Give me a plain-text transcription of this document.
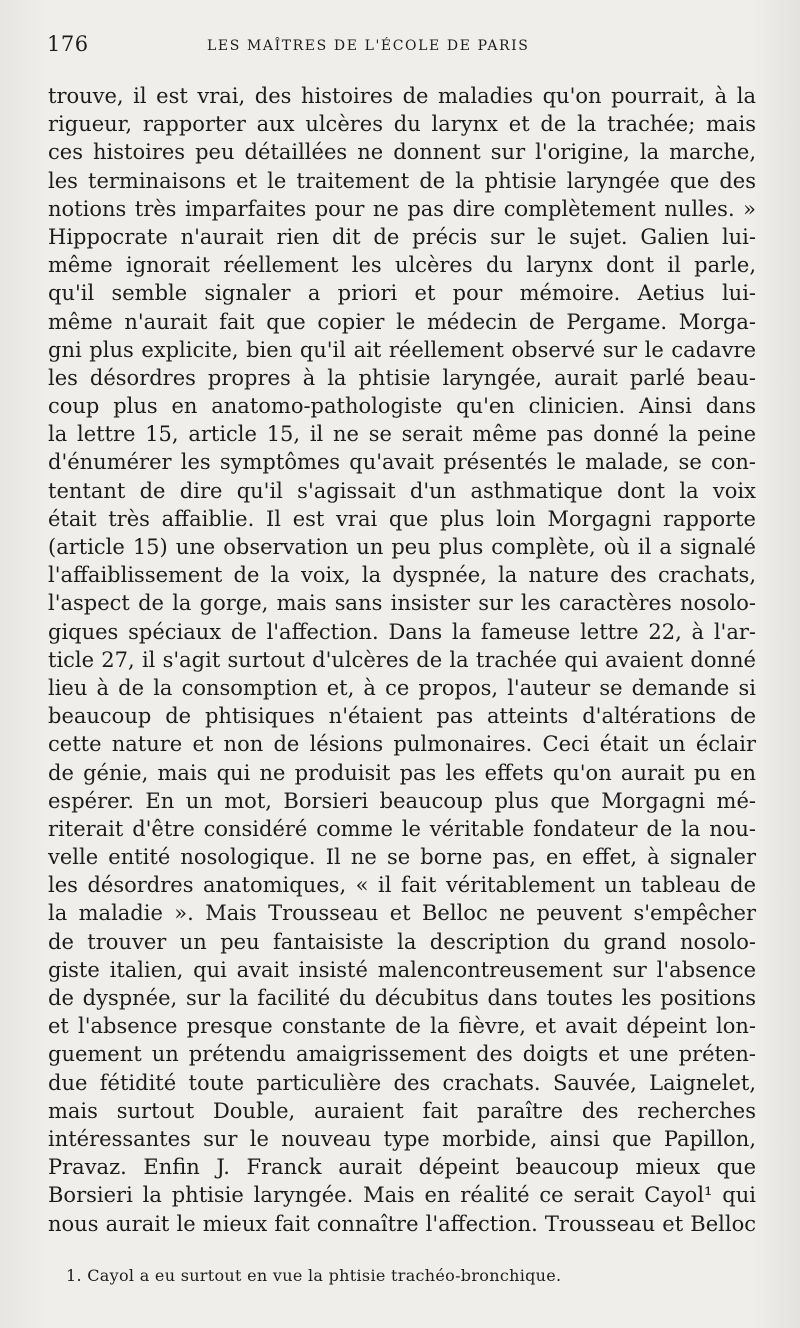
176	LES MAÎTRES DE L'ÉCOLE DE PARIS
trouve, il est vrai, des histoires de maladies qu'on pourrait, à la
rigueur, rapporter aux ulcères du larynx et de la trachée; mais
ces histoires peu détaillées ne donnent sur l'origine, la marche,
les terminaisons et le traitement de la phtisie laryngée que des
notions très imparfaites pour ne pas dire complètement nulles. »
Hippocrate n'aurait rien dit de précis sur le sujet. Galien lui-
même ignorait réellement les ulcères du larynx dont il parle,
qu'il semble signaler a priori et pour mémoire. Aetius lui-
même n'aurait fait que copier le médecin de Pergame. Morga-
gni plus explicite, bien qu'il ait réellement observé sur le cadavre
les désordres propres à la phtisie laryngée, aurait parlé beau-
coup plus en anatomo-pathologiste qu'en clinicien. Ainsi dans
la lettre 15, article 15, il ne se serait même pas donné la peine
d'énumérer les symptômes qu'avait présentés le malade, se con-
tentant de dire qu'il s'agissait d'un asthmatique dont la voix
était très affaiblie. Il est vrai que plus loin Morgagni rapporte
(article 15) une observation un peu plus complète, où il a signalé
l'affaiblissement de la voix, la dyspnée, la nature des crachats,
l'aspect de la gorge, mais sans insister sur les caractères nosolo-
giques spéciaux de l'affection. Dans la fameuse lettre 22, à l'ar-
ticle 27, il s'agit surtout d'ulcères de la trachée qui avaient donné
lieu à de la consomption et, à ce propos, l'auteur se demande si
beaucoup de phtisiques n'étaient pas atteints d'altérations de
cette nature et non de lésions pulmonaires. Ceci était un éclair
de génie, mais qui ne produisit pas les effets qu'on aurait pu en
espérer. En un mot, Borsieri beaucoup plus que Morgagni mé-
riterait d'être considéré comme le véritable fondateur de la nou-
velle entité nosologique. Il ne se borne pas, en effet, à signaler
les désordres anatomiques, « il fait véritablement un tableau de
la maladie ». Mais Trousseau et Belloc ne peuvent s'empêcher
de trouver un peu fantaisiste la description du grand nosolo-
giste italien, qui avait insisté malencontreusement sur l'absence
de dyspnée, sur la facilité du décubitus dans toutes les positions
et l'absence presque constante de la fièvre, et avait dépeint lon-
guement un prétendu amaigrissement des doigts et une préten-
due fétidité toute particulière des crachats. Sauvée, Laignelet,
mais surtout Double, auraient fait paraître des recherches
intéressantes sur le nouveau type morbide, ainsi que Papillon,
Pravaz. Enfin J. Franck aurait dépeint beaucoup mieux que
Borsieri la phtisie laryngée. Mais en réalité ce serait Cayol¹ qui
nous aurait le mieux fait connaître l'affection. Trousseau et Belloc
1. Cayol a eu surtout en vue la phtisie trachéo-bronchique.
